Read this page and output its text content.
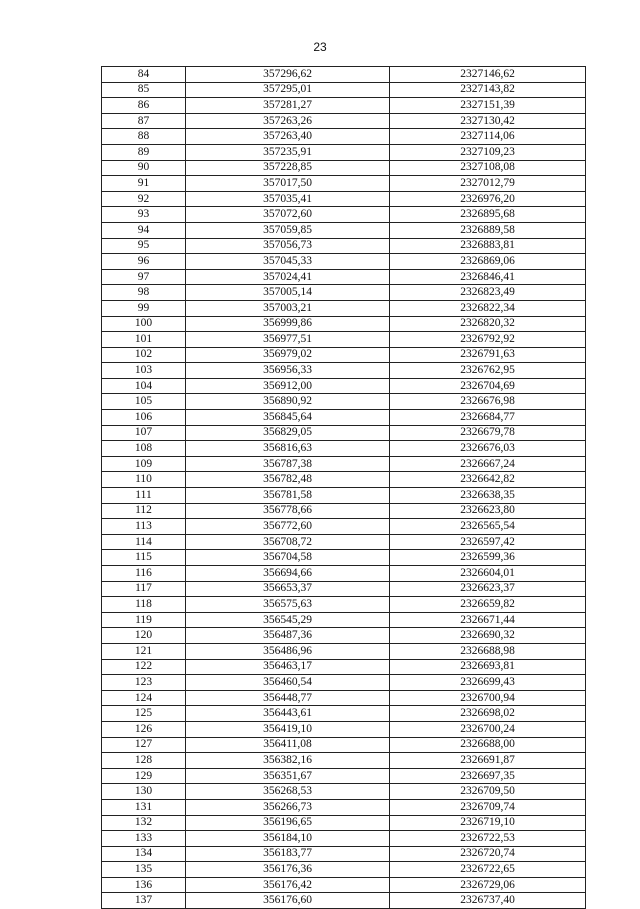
23
84	357296,62	2327146,62
85	357295,01	2327143,82
86	357281,27	2327151,39
87	357263,26	2327130,42
88	357263,40	2327114,06
89	357235,91	2327109,23
90	357228,85	2327108,08
91	357017,50	2327012,79
92	357035,41	2326976,20
93	357072,60	2326895,68
94	357059,85	2326889,58
95	357056,73	2326883,81
96	357045,33	2326869,06
97	357024,41	2326846,41
98	357005,14	2326823,49
99	357003,21	2326822,34
100	356999,86	2326820,32
101	356977,51	2326792,92
102	356979,02	2326791,63
103	356956,33	2326762,95
104	356912,00	2326704,69
105	356890,92	2326676,98
106	356845,64	2326684,77
107	356829,05	2326679,78
108	356816,63	2326676,03
109	356787,38	2326667,24
110	356782,48	2326642,82
111	356781,58	2326638,35
112	356778,66	2326623,80
113	356772,60	2326565,54
114	356708,72	2326597,42
115	356704,58	2326599,36
116	356694,66	2326604,01
117	356653,37	2326623,37
118	356575,63	2326659,82
119	356545,29	2326671,44
120	356487,36	2326690,32
121	356486,96	2326688,98
122	356463,17	2326693,81
123	356460,54	2326699,43
124	356448,77	2326700,94
125	356443,61	2326698,02
126	356419,10	2326700,24
127	356411,08	2326688,00
128	356382,16	2326691,87
129	356351,67	2326697,35
130	356268,53	2326709,50
131	356266,73	2326709,74
132	356196,65	2326719,10
133	356184,10	2326722,53
134	356183,77	2326720,74
135	356176,36	2326722,65
136	356176,42	2326729,06
137	356176,60	2326737,40
